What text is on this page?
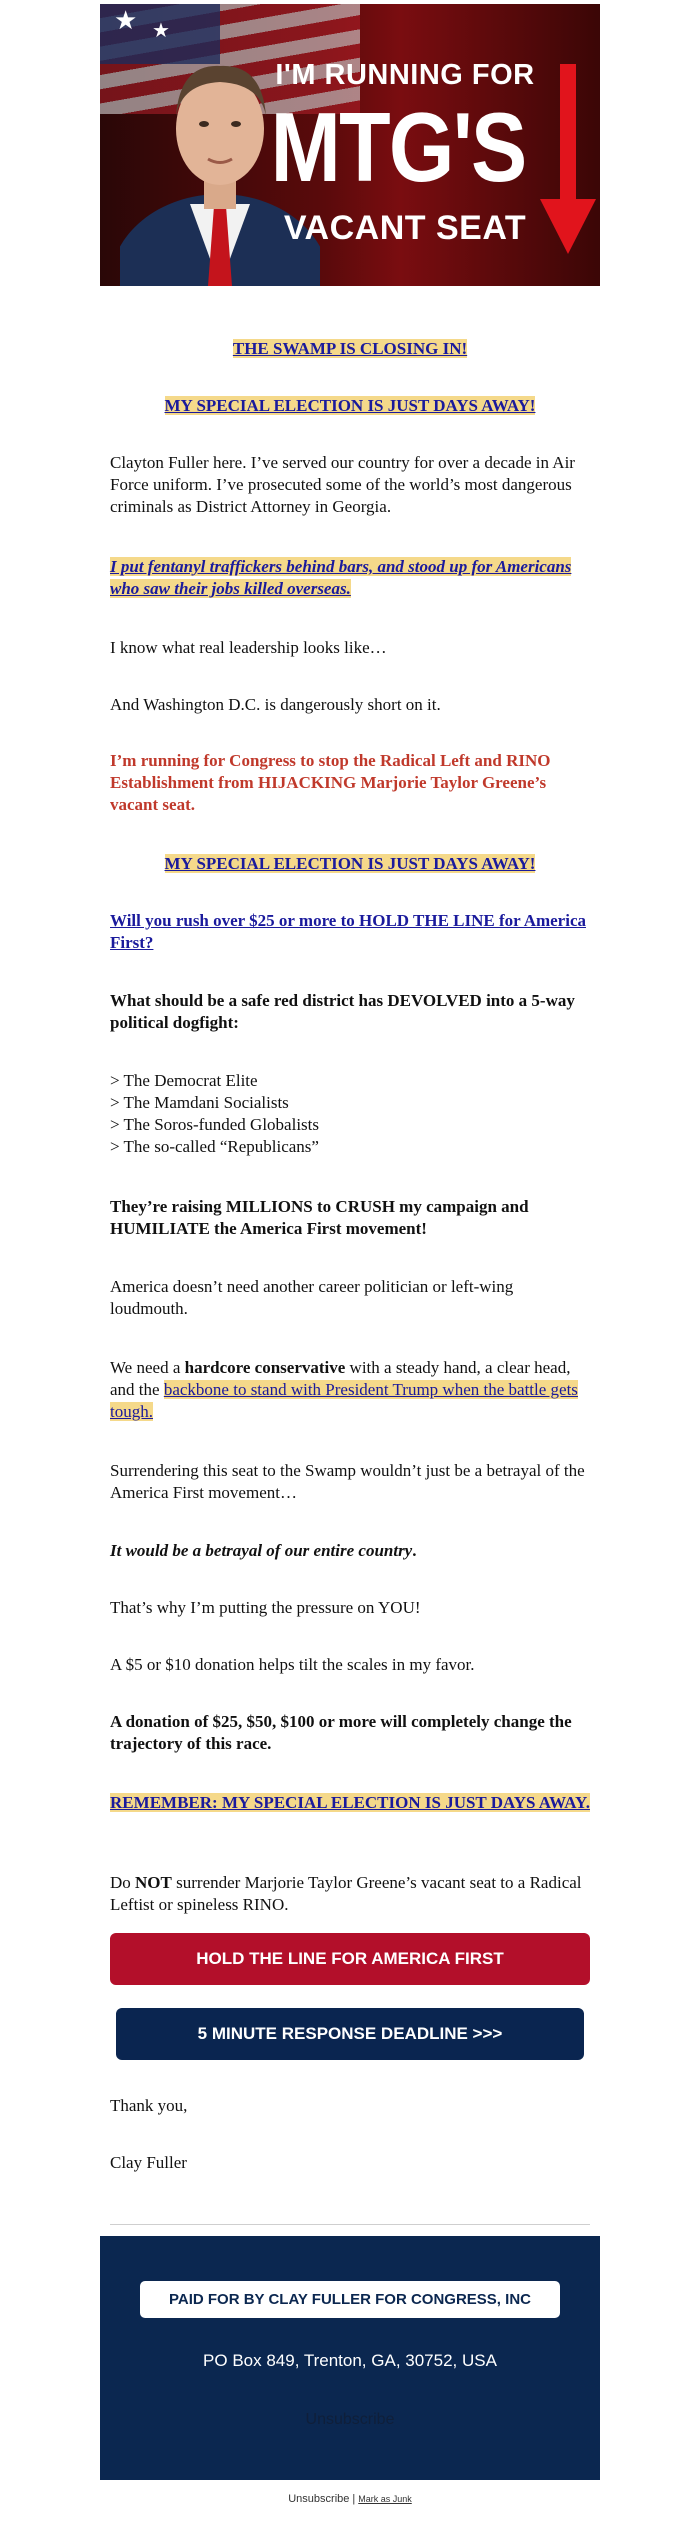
★ ★
I'M RUNNING FOR
MTG'S
VACANT SEAT
THE SWAMP IS CLOSING IN!
MY SPECIAL ELECTION IS JUST DAYS AWAY!
Clayton Fuller here. I’ve served our country for over a decade in Air Force uniform. I’ve prosecuted some of the world’s most dangerous criminals as District Attorney in Georgia.
I put fentanyl traffickers behind bars, and stood up for Americans who saw their jobs killed overseas.
I know what real leadership looks like…
And Washington D.C. is dangerously short on it.
I’m running for Congress to stop the Radical Left and RINO Establishment from HIJACKING Marjorie Taylor Greene’s vacant seat.
MY SPECIAL ELECTION IS JUST DAYS AWAY!
Will you rush over $25 or more to HOLD THE LINE for America First?
What should be a safe red district has DEVOLVED into a 5-way political dogfight:
> The Democrat Elite
> The Mamdani Socialists
> The Soros-funded Globalists
> The so-called “Republicans”
They’re raising MILLIONS to CRUSH my campaign and HUMILIATE the America First movement!
America doesn’t need another career politician or left-wing loudmouth.
We need a hardcore conservative with a steady hand, a clear head, and the backbone to stand with President Trump when the battle gets tough.
Surrendering this seat to the Swamp wouldn’t just be a betrayal of the America First movement…
It would be a betrayal of our entire country.
That’s why I’m putting the pressure on YOU!
A $5 or $10 donation helps tilt the scales in my favor.
A donation of $25, $50, $100 or more will completely change the trajectory of this race.
REMEMBER: MY SPECIAL ELECTION IS JUST DAYS AWAY.
Do NOT surrender Marjorie Taylor Greene’s vacant seat to a Radical Leftist or spineless RINO.
HOLD THE LINE FOR AMERICA FIRST
5 MINUTE RESPONSE DEADLINE >>>
Thank you,
Clay Fuller
PAID FOR BY CLAY FULLER FOR CONGRESS, INC
PO Box 849, Trenton, GA, 30752, USA
Unsubscribe
Unsubscribe | Mark as Junk
